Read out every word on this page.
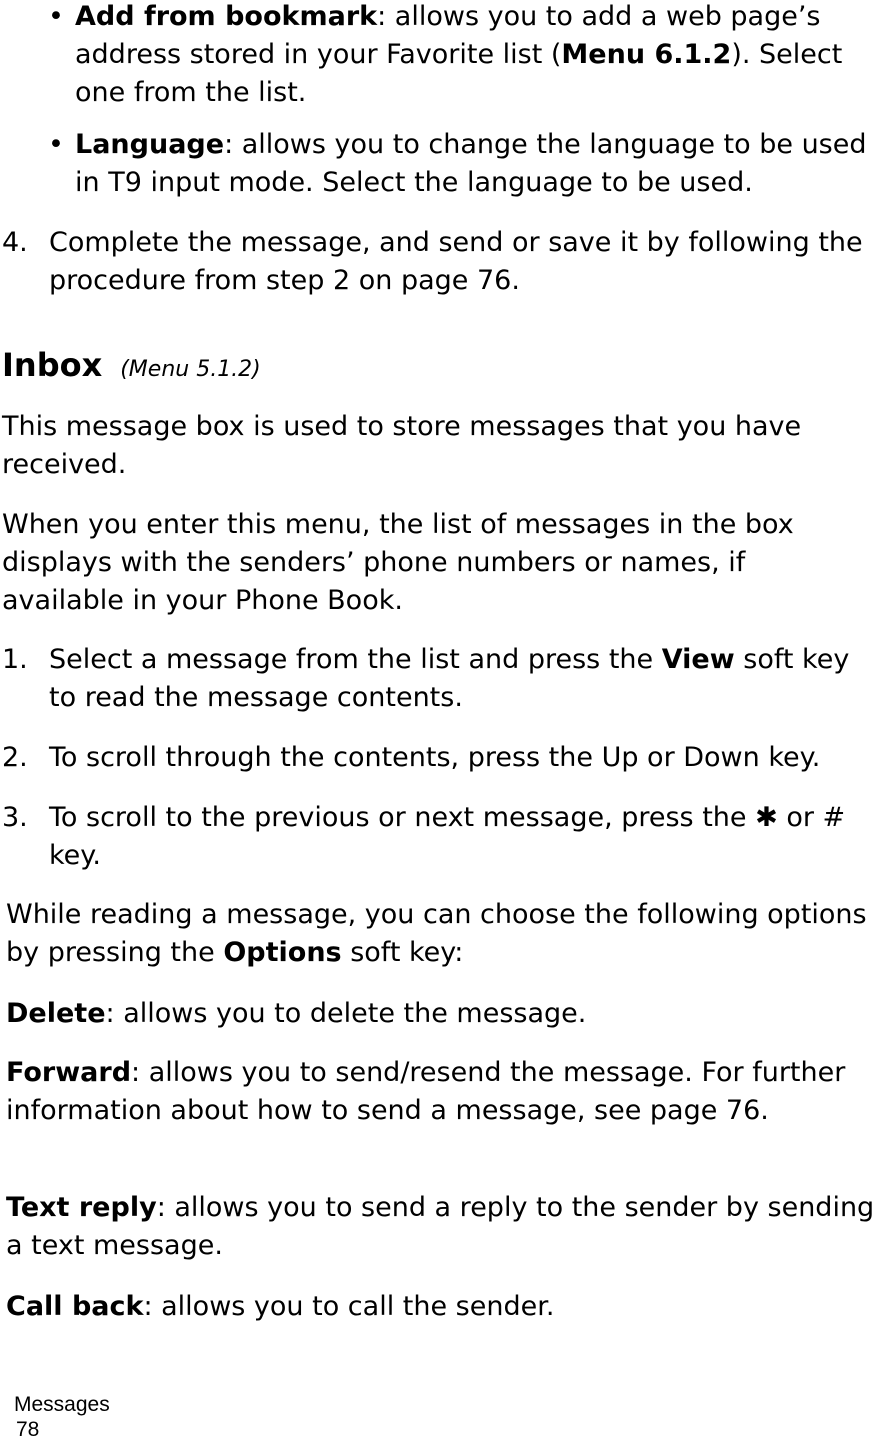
• Add from bookmark: allows you to add a web page’s address stored in your Favorite list (Menu 6.1.2). Select one from the list.

• Language: allows you to change the language to be used in T9 input mode. Select the language to be used.

4. Complete the message, and send or save it by following the procedure from step 2 on page 76.

Inbox (Menu 5.1.2)

This message box is used to store messages that you have received.

When you enter this menu, the list of messages in the box displays with the senders’ phone numbers or names, if available in your Phone Book.

1. Select a message from the list and press the View soft key to read the message contents.

2. To scroll through the contents, press the Up or Down key.

3. To scroll to the previous or next message, press the ✱ or # key.

While reading a message, you can choose the following options by pressing the Options soft key:

Delete: allows you to delete the message.

Forward: allows you to send/resend the message. For further information about how to send a message, see page 76.

Text reply: allows you to send a reply to the sender by sending a text message.

Call back: allows you to call the sender.

Messages
78
